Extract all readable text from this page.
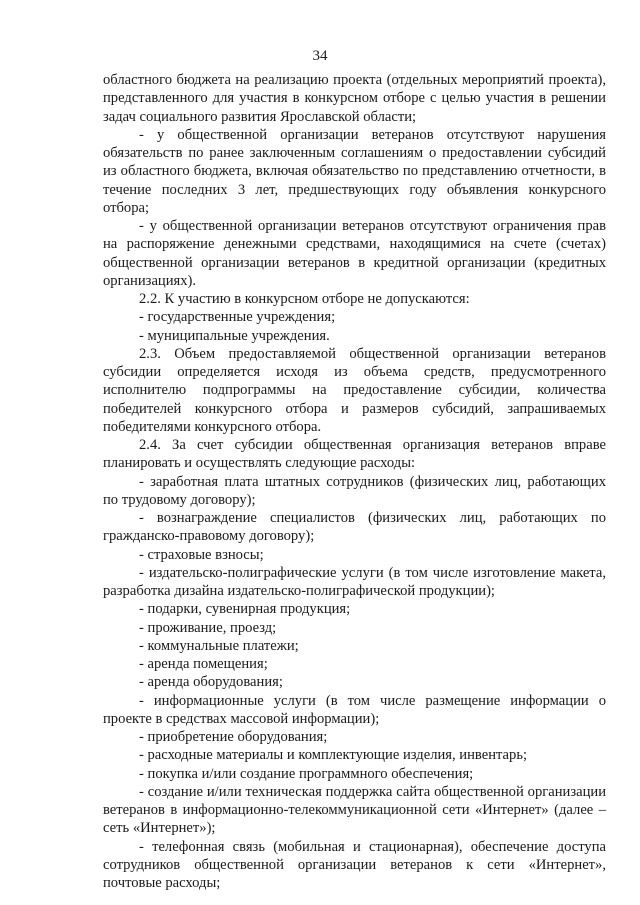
34

областного бюджета на реализацию проекта (отдельных мероприятий проекта), представленного для участия в конкурсном отборе с целью участия в решении задач социального развития Ярославской области;

- у общественной организации ветеранов отсутствуют нарушения обязательств по ранее заключенным соглашениям о предоставлении субсидий из областного бюджета, включая обязательство по представлению отчетности, в течение последних 3 лет, предшествующих году объявления конкурсного отбора;

- у общественной организации ветеранов отсутствуют ограничения прав на распоряжение денежными средствами, находящимися на счете (счетах) общественной организации ветеранов в кредитной организации (кредитных организациях).

2.2. К участию в конкурсном отборе не допускаются:

- государственные учреждения;

- муниципальные учреждения.

2.3. Объем предоставляемой общественной организации ветеранов субсидии определяется исходя из объема средств, предусмотренного исполнителю подпрограммы на предоставление субсидии, количества победителей конкурсного отбора и размеров субсидий, запрашиваемых победителями конкурсного отбора.

2.4. За счет субсидии общественная организация ветеранов вправе планировать и осуществлять следующие расходы:

- заработная плата штатных сотрудников (физических лиц, работающих по трудовому договору);

- вознаграждение специалистов (физических лиц, работающих по гражданско-правовому договору);

- страховые взносы;

- издательско-полиграфические услуги (в том числе изготовление макета, разработка дизайна издательско-полиграфической продукции);

- подарки, сувенирная продукция;

- проживание, проезд;

- коммунальные платежи;

- аренда помещения;

- аренда оборудования;

- информационные услуги (в том числе размещение информации о проекте в средствах массовой информации);

- приобретение оборудования;

- расходные материалы и комплектующие изделия, инвентарь;

- покупка и/или создание программного обеспечения;

- создание и/или техническая поддержка сайта общественной организации ветеранов в информационно-телекоммуникационной сети «Интернет» (далее – сеть «Интернет»);

- телефонная связь (мобильная и стационарная), обеспечение доступа сотрудников общественной организации ветеранов к сети «Интернет», почтовые расходы;
